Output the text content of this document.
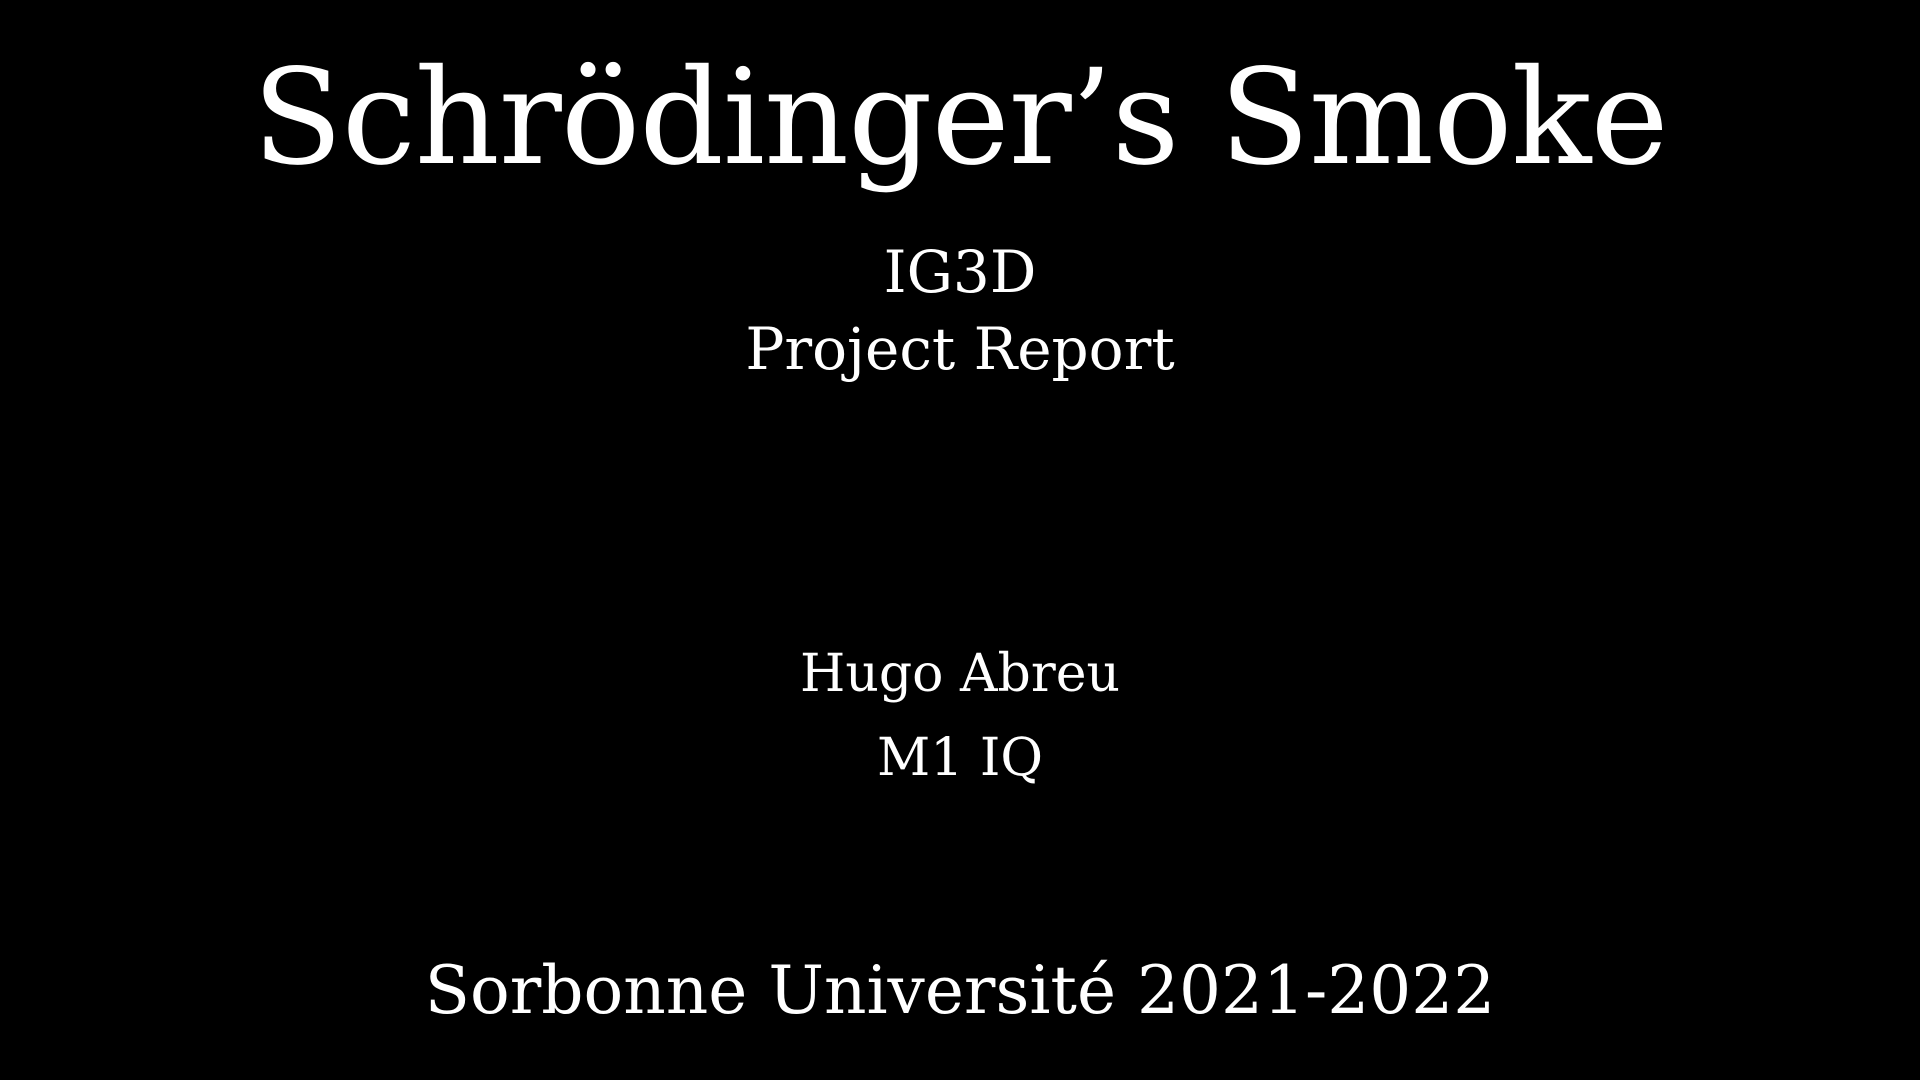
Schrödinger’s Smoke
IG3D
Project Report
Hugo Abreu
M1 IQ
Sorbonne Université 2021-2022
